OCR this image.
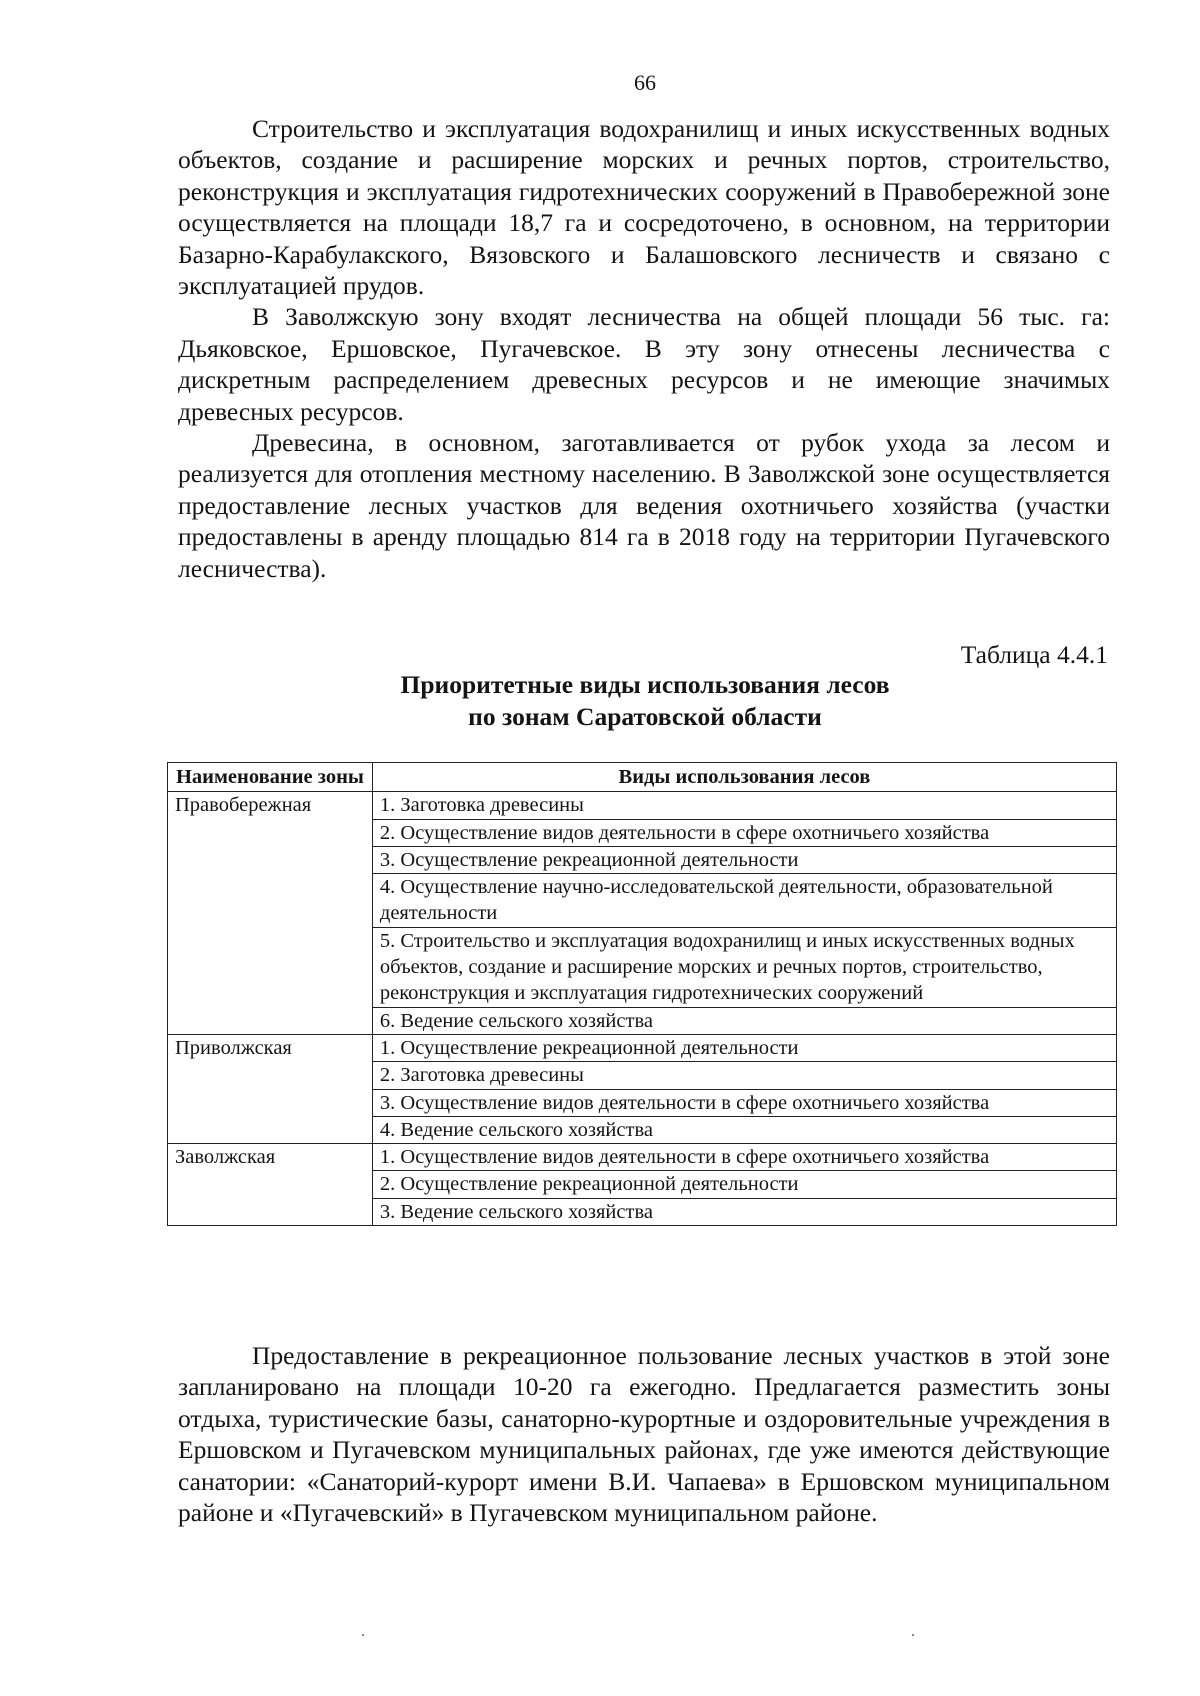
66

Строительство и эксплуатация водохранилищ и иных искусственных водных объектов, создание и расширение морских и речных портов, строительство, реконструкция и эксплуатация гидротехнических сооружений в Правобережной зоне осуществляется на площади 18,7 га и сосредоточено, в основном, на территории Базарно-Карабулакского, Вязовского и Балашовского лесничеств и связано с эксплуатацией прудов.

В Заволжскую зону входят лесничества на общей площади 56 тыс. га: Дьяковское, Ершовское, Пугачевское. В эту зону отнесены лесничества с дискретным распределением древесных ресурсов и не имеющие значимых древесных ресурсов.

Древесина, в основном, заготавливается от рубок ухода за лесом и реализуется для отопления местному населению. В Заволжской зоне осуществляется предоставление лесных участков для ведения охотничьего хозяйства (участки предоставлены в аренду площадью 814 га в 2018 году на территории Пугачевского лесничества).

Таблица 4.4.1
Приоритетные виды использования лесов
по зонам Саратовской области
Наименование зоны	Виды использования лесов
Правобережная	1. Заготовка древесины
	2. Осуществление видов деятельности в сфере охотничьего хозяйства
	3. Осуществление рекреационной деятельности
	4. Осуществление научно-исследовательской деятельности, образовательной деятельности
	5. Строительство и эксплуатация водохранилищ и иных искусственных водных объектов, создание и расширение морских и речных портов, строительство, реконструкция и эксплуатация гидротехнических сооружений
	6. Ведение сельского хозяйства
Приволжская	1. Осуществление рекреационной деятельности
	2. Заготовка древесины
	3. Осуществление видов деятельности в сфере охотничьего хозяйства
	4. Ведение сельского хозяйства
Заволжская	1. Осуществление видов деятельности в сфере охотничьего хозяйства
	2. Осуществление рекреационной деятельности
	3. Ведение сельского хозяйства

Предоставление в рекреационное пользование лесных участков в этой зоне запланировано на площади 10-20 га ежегодно. Предлагается разместить зоны отдыха, туристические базы, санаторно-курортные и оздоровительные учреждения в Ершовском и Пугачевском муниципальных районах, где уже имеются действующие санатории: «Санаторий-курорт имени В.И. Чапаева» в Ершовском муниципальном районе и «Пугачевский» в Пугачевском муниципальном районе.
